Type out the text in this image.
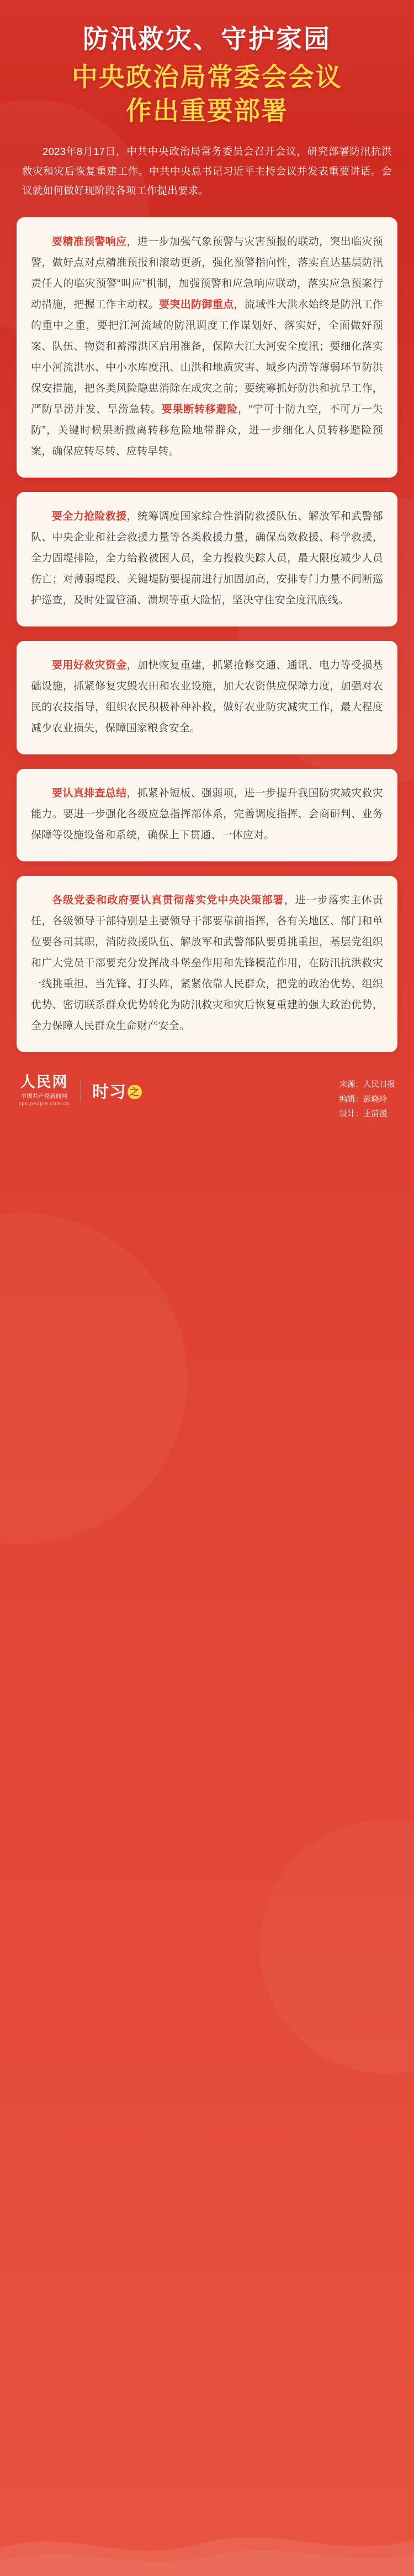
防汛救灾、守护家园
中央政治局常委会会议
作出重要部署
2023年8月17日，中共中央政治局常务委员会召开会议，研究部署防汛抗洪救灾和灾后恢复重建工作。中共中央总书记习近平主持会议并发表重要讲话。会议就如何做好现阶段各项工作提出要求。

要精准预警响应，进一步加强气象预警与灾害预报的联动，突出临灾预警，做好点对点精准预报和滚动更新，强化预警指向性，落实直达基层防汛责任人的临灾预警“叫应”机制，加强预警和应急响应联动，落实应急预案行动措施，把握工作主动权。要突出防御重点，流域性大洪水始终是防汛工作的重中之重，要把江河流域的防汛调度工作谋划好、落实好，全面做好预案、队伍、物资和蓄滞洪区启用准备，保障大江大河安全度汛；要细化落实中小河流洪水、中小水库度汛、山洪和地质灾害、城乡内涝等薄弱环节防洪保安措施，把各类风险隐患消除在成灾之前；要统筹抓好防洪和抗旱工作，严防旱涝并发、旱涝急转。要果断转移避险，“宁可十防九空，不可万一失防”，关键时候果断撤离转移危险地带群众，进一步细化人员转移避险预案，确保应转尽转、应转早转。

要全力抢险救援，统筹调度国家综合性消防救援队伍、解放军和武警部队、中央企业和社会救援力量等各类救援力量，确保高效救援、科学救援，全力固堤排险，全力给救被困人员，全力搜救失踪人员，最大限度减少人员伤亡；对薄弱堤段、关键堤防要提前进行加固加高，安排专门力量不间断巡护巡查，及时处置管涌、溃坝等重大险情，坚决守住安全度汛底线。

要用好救灾资金，加快恢复重建，抓紧抢修交通、通讯、电力等受损基础设施，抓紧修复灾毁农田和农业设施，加大农资供应保障力度，加强对农民的农技指导，组织农民积极补种补救，做好农业防灾减灾工作，最大程度减少农业损失，保障国家粮食安全。

要认真排查总结，抓紧补短板、强弱项，进一步提升我国防灾减灾救灾能力。要进一步强化各级应急指挥部体系，完善调度指挥、会商研判、业务保障等设施设备和系统，确保上下贯通、一体应对。

各级党委和政府要认真贯彻落实党中央决策部署，进一步落实主体责任，各级领导干部特别是主要领导干部要靠前指挥，各有关地区、部门和单位要各司其职，消防救援队伍、解放军和武警部队要勇挑重担，基层党组织和广大党员干部要充分发挥战斗堡垒作用和先锋模范作用，在防汛抗洪救灾一线挑重担、当先锋、打头阵，紧紧依靠人民群众，把党的政治优势、组织优势、密切联系群众优势转化为防汛救灾和灾后恢复重建的强大政治优势，全力保障人民群众生命财产安全。

人民网
中国共产党新闻网
cpc.people.com.cn
时习 之
来源：人民日报
编辑：彭晓玲
设计：王清漫
